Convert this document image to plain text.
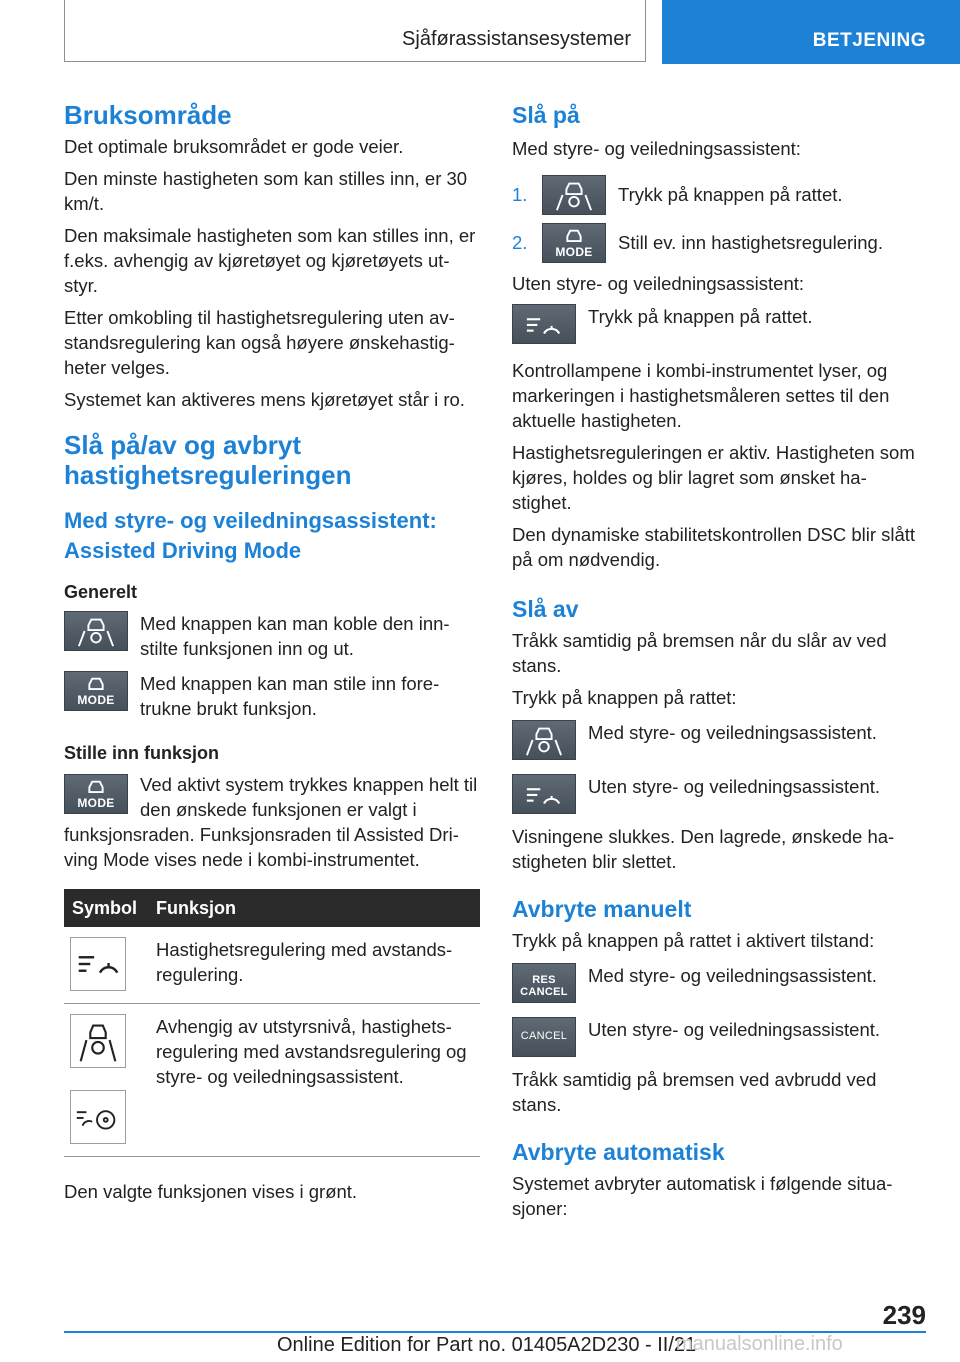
Sjåførassistansesystemer	BETJENING
Bruksområde

Det optimale bruksområdet er gode veier.

Den minste hastigheten som kan stilles inn, er 30 km/t.

Den maksimale hastigheten som kan stilles inn, er f.eks. avhengig av kjøretøyet og kjøretøyets ut‐styr.

Etter omkobling til hastighetsregulering uten av‐standsregulering kan også høyere ønskehastig‐heter velges.

Systemet kan aktiveres mens kjøretøyet står i ro.

Slå på/av og avbryt hastighetsreguleringen
Med styre- og veiledningsassistent: Assisted Driving Mode
Generelt
Med knappen kan man koble den inn‐stilte funksjonen inn og ut.
MODE
Med knappen kan man stile inn fore‐trukne brukt funksjon.
Stille inn funksjon
MODE

Ved aktivt system trykkes knappen helt til den ønskede funksjonen er valgt i funksjonsraden. Funksjonsraden til Assisted Dri‐ving Mode vises nede i kombi-instrumentet.

Symbol	Funksjon

	Hastighetsregulering med avstands‐regulering.

	Avhengig av utstyrsnivå, hastighets‐regulering med avstandsregulering og styre- og veiledningsassistent.

Den valgte funksjonen vises i grønt.

Slå på

Med styre- og veiledningsassistent:

1.	Trykk på knappen på rattet.
2.	MODE	Still ev. inn hastighetsregulering.

Uten styre- og veiledningsassistent:

Trykk på knappen på rattet.

Kontrollampene i kombi-instrumentet lyser, og markeringen i hastighetsmåleren settes til den aktuelle hastigheten.

Hastighetsreguleringen er aktiv. Hastigheten som kjøres, holdes og blir lagret som ønsket ha‐stighet.

Den dynamiske stabilitetskontrollen DSC blir slått på om nødvendig.

Slå av

Tråkk samtidig på bremsen når du slår av ved stans.

Trykk på knappen på rattet:

Med styre- og veiledningsassistent.
Uten styre- og veiledningsassistent.

Visningene slukkes. Den lagrede, ønskede ha‐stigheten blir slettet.

Avbryte manuelt

Trykk på knappen på rattet i aktivert tilstand:

RES
CANCEL
Med styre- og veiledningsassistent.
CANCEL	Uten styre- og veiledningsassistent.

Tråkk samtidig på bremsen ved avbrudd ved stans.

Avbryte automatisk

Systemet avbryter automatisk i følgende situa‐sjoner:

239
Online Edition for Part no. 01405A2D230 - II/21
manualsonline.info
